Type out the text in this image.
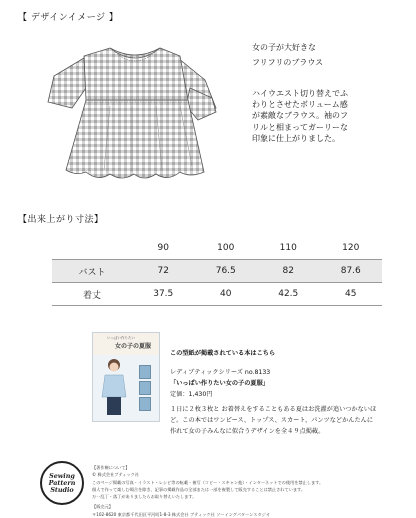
【 デザインイメージ 】
女の子が大好きな
フリフリのブラウス
ハイウエスト切り替えでふ
わりとさせたボリューム感
が素敵なブラウス。袖のフ
リルと相まってガーリーな
印象に仕上がりました。
【出来上がり寸法】
	90	100	110	120
バスト	72	76.5	82	87.6
着丈	37.5	40	42.5	45
いっぱい作りたい
女の子の夏服
この型紙が掲載されている本はこちら
レディブティックシリーズ no.8133
「いっぱい作りたい女の子の夏服」
定価：1,430円
１日に２枚３枚と お着替えをすることもある夏はお洗濯が追いつかないほ
ど。この本ではワンピース、トップス、スカート、パンツなどかんたんに
作れて女の子みんなに似合うデザインを全４９点掲載。
Sewing
Pattern
Studio
【著作権について】
© 株式会社ブティック社
このページ掲載の写真・イラスト・レシピ等の転載・複写（コピー・スキャン他）・インターネットでの使用を禁止します。
個人で作って楽しむ場合を除き、記事の掲載作品の全部または一部を複製して販売することは禁止されています。
万一乱丁・落丁がありましたらお取り替えいたします。
【販売元】
〒102-8620 東京都千代田区平河町1-8-3 株式会社 ブティック社 ソーイングパターンスタジオ
